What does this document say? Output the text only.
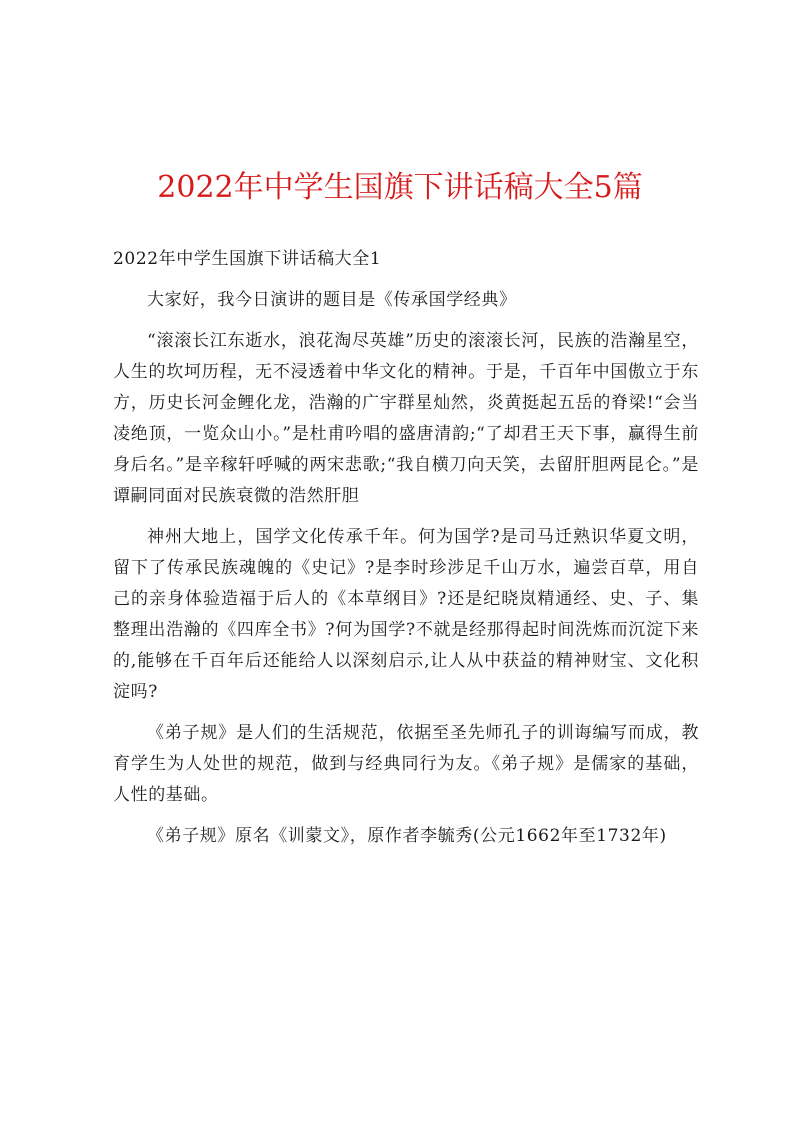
2022年中学生国旗下讲话稿大全5篇

2022年中学生国旗下讲话稿大全1

大家好，我今日演讲的题目是《传承国学经典》

“滚滚长江东逝水，浪花淘尽英雄”历史的滚滚长河，民族的浩瀚星空，人生的坎坷历程，无不浸透着中华文化的精神。于是，千百年中国傲立于东方，历史长河金鲤化龙，浩瀚的广宇群星灿然，炎黄挺起五岳的脊梁!“会当凌绝顶，一览众山小。”是杜甫吟唱的盛唐清韵;“了却君王天下事，赢得生前身后名。”是辛稼轩呼喊的两宋悲歌;“我自横刀向天笑，去留肝胆两昆仑。”是谭嗣同面对民族衰微的浩然肝胆

神州大地上，国学文化传承千年。何为国学?是司马迁熟识华夏文明，留下了传承民族魂魄的《史记》?是李时珍涉足千山万水，遍尝百草，用自己的亲身体验造福于后人的《本草纲目》?还是纪晓岚精通经、史、子、集整理出浩瀚的《四库全书》?何为国学?不就是经那得起时间洗炼而沉淀下来的,能够在千百年后还能给人以深刻启示,让人从中获益的精神财宝、文化积淀吗?

《弟子规》是人们的生活规范，依据至圣先师孔子的训诲编写而成，教育学生为人处世的规范，做到与经典同行为友。《弟子规》是儒家的基础，人性的基础。

《弟子规》原名《训蒙文》，原作者李毓秀(公元1662年至1732年)
